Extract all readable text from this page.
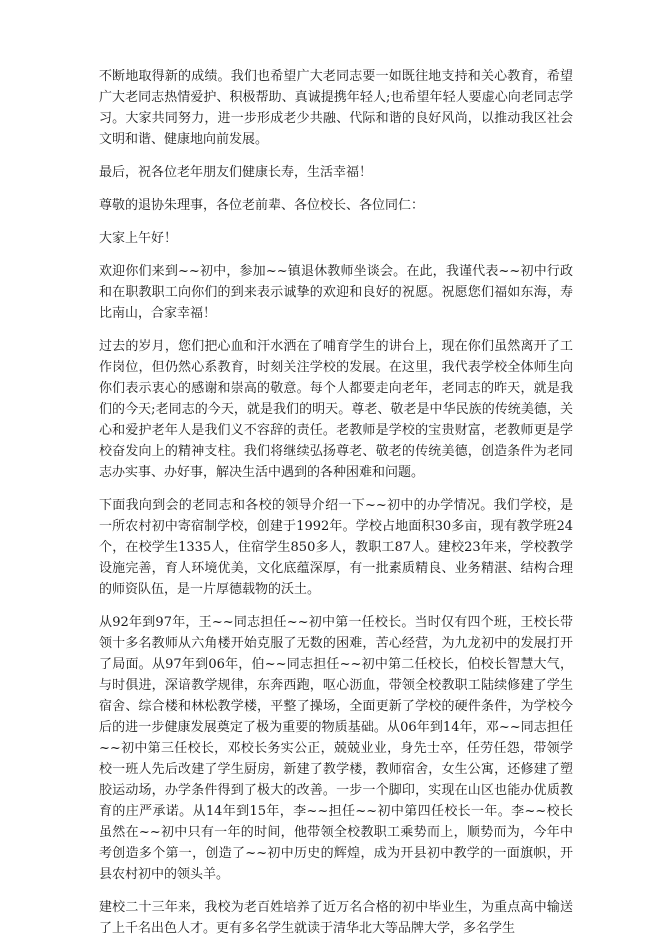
不断地取得新的成绩。我们也希望广大老同志要一如既往地支持和关心教育，希望广大老同志热情爱护、积极帮助、真诚提携年轻人;也希望年轻人要虚心向老同志学习。大家共同努力，进一步形成老少共融、代际和谐的良好风尚，以推动我区社会文明和谐、健康地向前发展。

最后，祝各位老年朋友们健康长寿，生活幸福！

尊敬的退协朱理事，各位老前辈、各位校长、各位同仁：

大家上午好！

欢迎你们来到~~初中，参加~~镇退休教师坐谈会。在此，我谨代表~~初中行政和在职教职工向你们的到来表示诚挚的欢迎和良好的祝愿。祝愿您们福如东海，寿比南山，合家幸福！

过去的岁月，您们把心血和汗水洒在了哺育学生的讲台上，现在你们虽然离开了工作岗位，但仍然心系教育，时刻关注学校的发展。在这里，我代表学校全体师生向你们表示衷心的感谢和崇高的敬意。每个人都要走向老年，老同志的昨天，就是我们的今天;老同志的今天，就是我们的明天。尊老、敬老是中华民族的传统美德，关心和爱护老年人是我们义不容辞的责任。老教师是学校的宝贵财富，老教师更是学校奋发向上的精神支柱。我们将继续弘扬尊老、敬老的传统美德，创造条件为老同志办实事、办好事，解决生活中遇到的各种困难和问题。

下面我向到会的老同志和各校的领导介绍一下~~初中的办学情况。我们学校，是一所农村初中寄宿制学校，创建于1992年。学校占地面积30多亩，现有教学班24个，在校学生1335人，住宿学生850多人，教职工87人。建校23年来，学校教学设施完善，育人环境优美，文化底蕴深厚，有一批素质精良、业务精湛、结构合理的师资队伍，是一片厚德载物的沃土。

从92年到97年，王~~同志担任~~初中第一任校长。当时仅有四个班，王校长带领十多名教师从六角楼开始克服了无数的困难，苦心经营，为九龙初中的发展打开了局面。从97年到06年，伯~~同志担任~~初中第二任校长，伯校长智慧大气，与时俱进，深谙教学规律，东奔西跑，呕心沥血，带领全校教职工陆续修建了学生宿舍、综合楼和林松教学楼，平整了操场，全面更新了学校的硬件条件，为学校今后的进一步健康发展奠定了极为重要的物质基础。从06年到14年，邓~~同志担任~~初中第三任校长，邓校长务实公正，兢兢业业，身先士卒，任劳任怨，带领学校一班人先后改建了学生厨房，新建了教学楼，教师宿舍，女生公寓，还修建了塑胶运动场，办学条件得到了极大的改善。一步一个脚印，实现在山区也能办优质教育的庄严承诺。从14年到15年，李~~担任~~初中第四任校长一年。李~~校长虽然在~~初中只有一年的时间，他带领全校教职工乘势而上，顺势而为，今年中考创造多个第一，创造了~~初中历史的辉煌，成为开县初中教学的一面旗帜，开县农村初中的领头羊。

建校二十三年来，我校为老百姓培养了近万名合格的初中毕业生，为重点高中输送了上千名出色人才。更有多名学生就读于清华北大等品牌大学，多名学生
